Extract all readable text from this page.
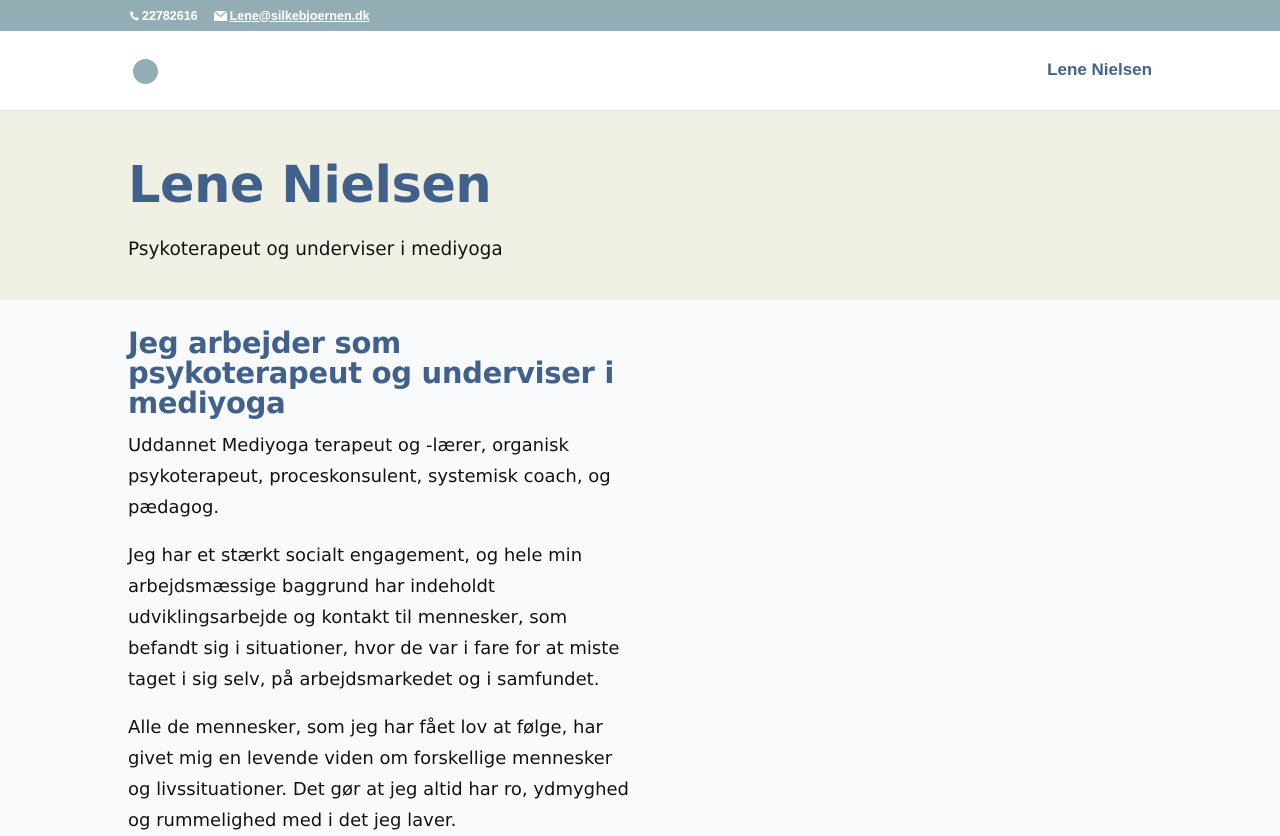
22782616	Lene@silkebjoernen.dk
Lene Nielsen
Lene Nielsen

Psykoterapeut og underviser i mediyoga

Jeg arbejder som psykoterapeut og underviser i mediyoga

Uddannet Mediyoga terapeut og -lærer, organisk psykoterapeut, proceskonsulent, systemisk coach, og pædagog.

Jeg har et stærkt socialt engagement, og hele min arbejdsmæssige baggrund har indeholdt udviklingsarbejde og kontakt til mennesker, som befandt sig i situationer, hvor de var i fare for at miste taget i sig selv, på arbejdsmarkedet og i samfundet.

Alle de mennesker, som jeg har fået lov at følge, har givet mig en levende viden om forskellige mennesker og livssituationer. Det gør at jeg altid har ro, ydmyghed og rummelighed med i det jeg laver.
